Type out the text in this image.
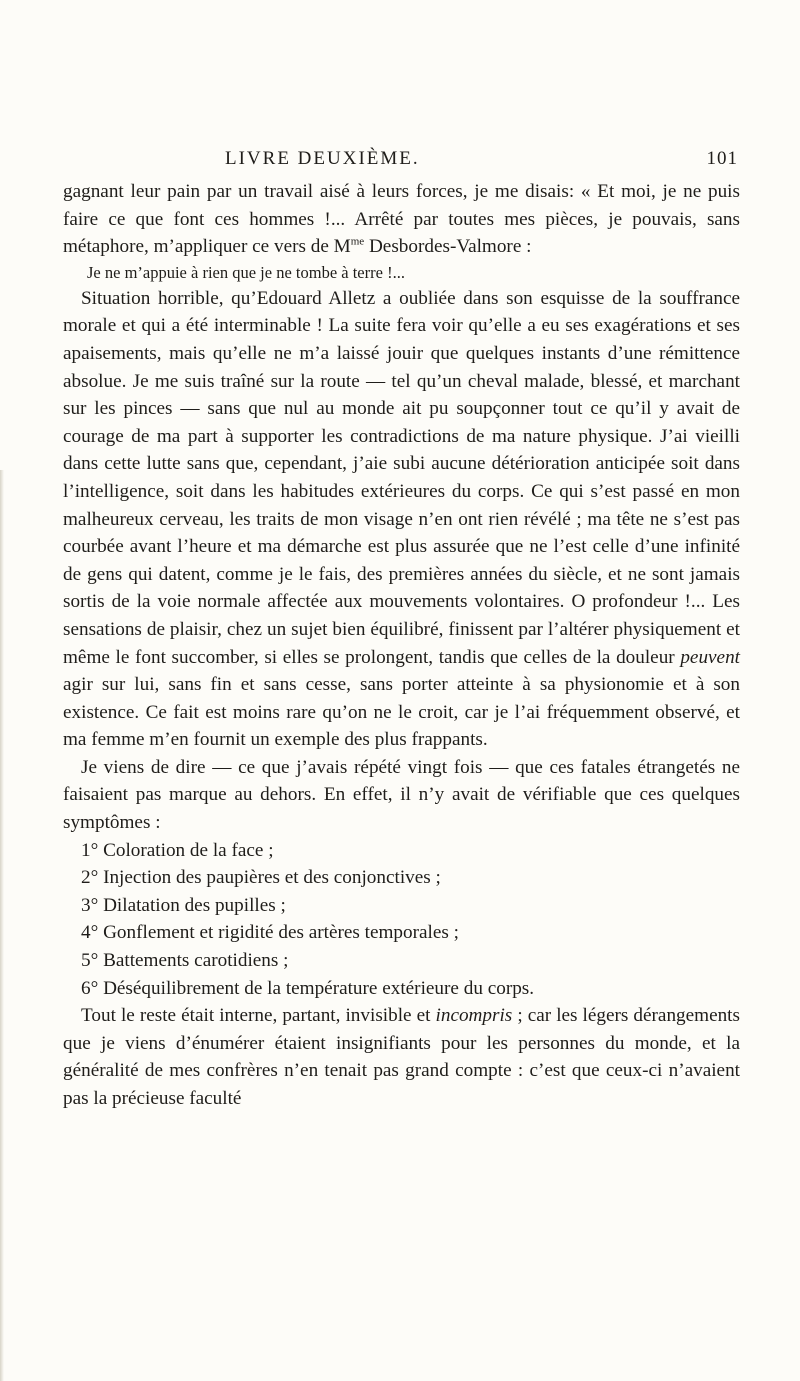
LIVRE DEUXIÈME.	101

gagnant leur pain par un travail aisé à leurs forces, je me disais: « Et moi, je ne puis faire ce que font ces hommes !... Arrêté par toutes mes pièces, je pouvais, sans métaphore, m’appliquer ce vers de $M^{me}$ Desbordes-Valmore :

Je ne m’appuie à rien que je ne tombe à terre !...

Situation horrible, qu’Edouard Alletz a oubliée dans son esquisse de la souffrance morale et qui a été interminable ! La suite fera voir qu’elle a eu ses exagérations et ses apaisements, mais qu’elle ne m’a laissé jouir que quelques instants d’une rémittence absolue. Je me suis traîné sur la route — tel qu’un cheval malade, blessé, et marchant sur les pinces — sans que nul au monde ait pu soupçonner tout ce qu’il y avait de courage de ma part à supporter les contradictions de ma nature physique. J’ai vieilli dans cette lutte sans que, cependant, j’aie subi aucune détérioration anticipée soit dans l’intelligence, soit dans les habitudes extérieures du corps. Ce qui s’est passé en mon malheureux cerveau, les traits de mon visage n’en ont rien révélé ; ma tête ne s’est pas courbée avant l’heure et ma démarche est plus assurée que ne l’est celle d’une infinité de gens qui datent, comme je le fais, des premières années du siècle, et ne sont jamais sortis de la voie normale affectée aux mouvements volontaires. O profondeur !... Les sensations de plaisir, chez un sujet bien équilibré, finissent par l’altérer physiquement et même le font succomber, si elles se prolongent, tandis que celles de la douleur peuvent agir sur lui, sans fin et sans cesse, sans porter atteinte à sa physionomie et à son existence. Ce fait est moins rare qu’on ne le croit, car je l’ai fréquemment observé, et ma femme m’en fournit un exemple des plus frappants.

Je viens de dire — ce que j’avais répété vingt fois — que ces fatales étrangetés ne faisaient pas marque au dehors. En effet, il n’y avait de vérifiable que ces quelques symptômes :

1° Coloration de la face ;

2° Injection des paupières et des conjonctives ;

3° Dilatation des pupilles ;

4° Gonflement et rigidité des artères temporales ;

5° Battements carotidiens ;

6° Déséquilibrement de la température extérieure du corps.

Tout le reste était interne, partant, invisible et incompris ; car les légers dérangements que je viens d’énumérer étaient insignifiants pour les personnes du monde, et la généralité de mes confrères n’en tenait pas grand compte : c’est que ceux-ci n’avaient pas la précieuse faculté
